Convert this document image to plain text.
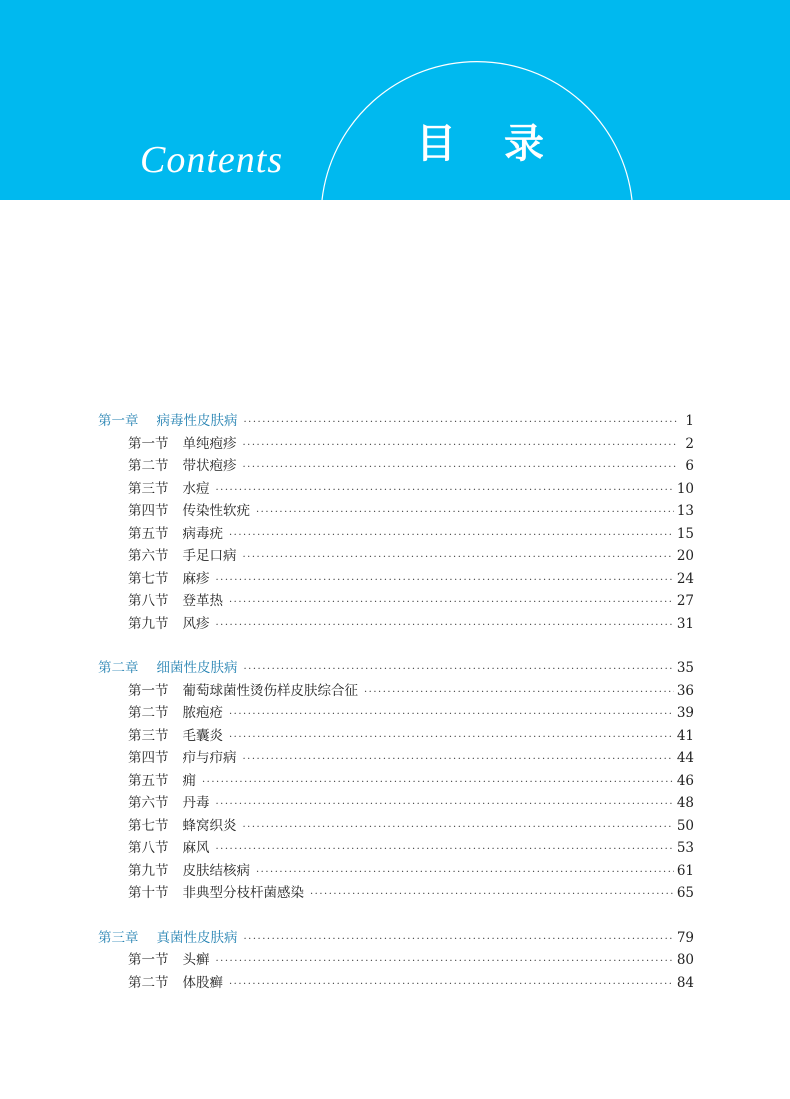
Contents	目 录
第一章 病毒性皮肤病 ·····	1
第一节 单纯疱疹 ·····	2
第二节 带状疱疹 ·····	6
第三节 水痘 ·····	10
第四节 传染性软疣 ·····	13
第五节 病毒疣 ·····	15
第六节 手足口病 ·····	20
第七节 麻疹 ·····	24
第八节 登革热 ·····	27
第九节 风疹 ·····	31
第二章 细菌性皮肤病 ·····	35
第一节 葡萄球菌性烫伤样皮肤综合征 ·····	36
第二节 脓疱疮 ·····	39
第三节 毛囊炎 ·····	41
第四节 疖与疖病 ·····	44
第五节 痈 ·····	46
第六节 丹毒 ·····	48
第七节 蜂窝织炎 ·····	50
第八节 麻风 ·····	53
第九节 皮肤结核病 ·····	61
第十节 非典型分枝杆菌感染 ·····	65
第三章 真菌性皮肤病 ·····	79
第一节 头癣 ·····	80
第二节 体股癣 ·····	84
